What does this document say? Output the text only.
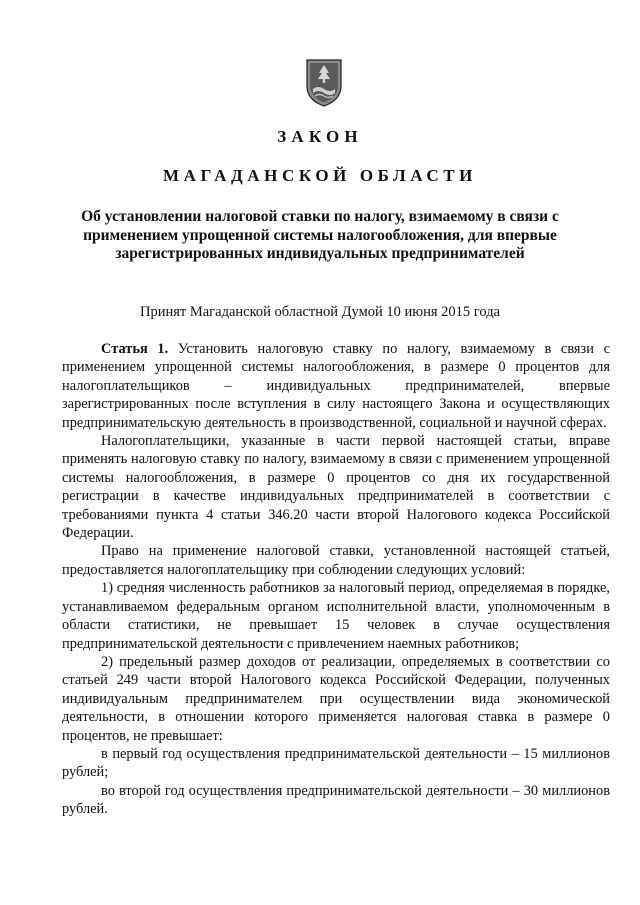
ЗАКОН
МАГАДАНСКОЙ ОБЛАСТИ
Об установлении налоговой ставки по налогу, взимаемому в связи с применением упрощенной системы налогообложения, для впервые зарегистрированных индивидуальных предпринимателей
Принят Магаданской областной Думой 10 июня 2015 года

Статья 1. Установить налоговую ставку по налогу, взимаемому в связи с применением упрощенной системы налогообложения, в размере 0 процентов для налогоплательщиков – индивидуальных предпринимателей, впервые зарегистрированных после вступления в силу настоящего Закона и осуществляющих предпринимательскую деятельность в производственной, социальной и научной сферах.

Налогоплательщики, указанные в части первой настоящей статьи, вправе применять налоговую ставку по налогу, взимаемому в связи с применением упрощенной системы налогообложения, в размере 0 процентов со дня их государственной регистрации в качестве индивидуальных предпринимателей в соответствии с требованиями пункта 4 статьи 346.20 части второй Налогового кодекса Российской Федерации.

Право на применение налоговой ставки, установленной настоящей статьей, предоставляется налогоплательщику при соблюдении следующих условий:

1) средняя численность работников за налоговый период, определяемая в порядке, устанавливаемом федеральным органом исполнительной власти, уполномоченным в области статистики, не превышает 15 человек в случае осуществления предпринимательской деятельности с привлечением наемных работников;

2) предельный размер доходов от реализации, определяемых в соответствии со статьей 249 части второй Налогового кодекса Российской Федерации, полученных индивидуальным предпринимателем при осуществлении вида экономической деятельности, в отношении которого применяется налоговая ставка в размере 0 процентов, не превышает:

в первый год осуществления предпринимательской деятельности – 15 миллионов рублей;

во второй год осуществления предпринимательской деятельности – 30 миллионов рублей.
